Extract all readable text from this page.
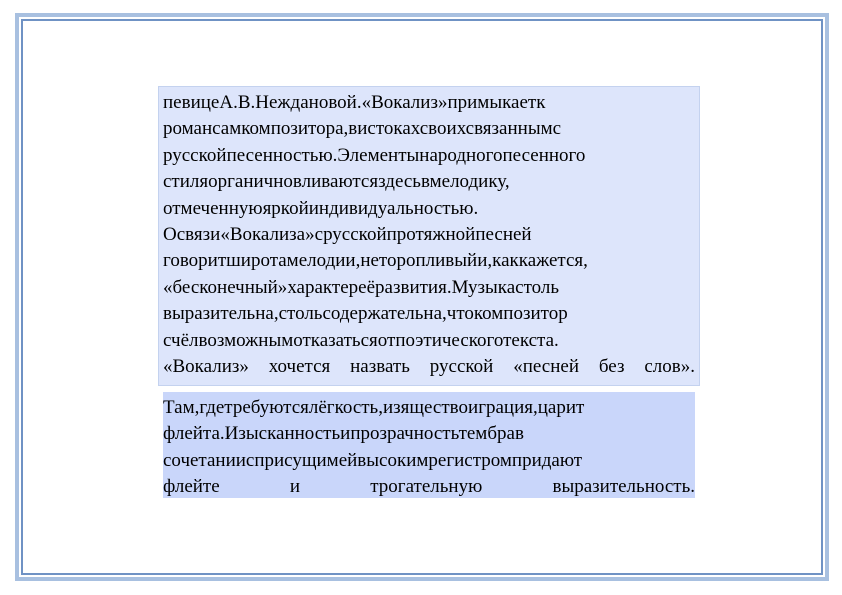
певицеА.В.Неждановой.«Вокализ»примыкаетк
романсамкомпозитора,вистокахсвоихсвязаннымс
русскойпесенностью.Элементынародногопесенного
стиляорганичновливаютсяздесьвмелодику,
отмеченнуюяркойиндивидуальностью.
Освязи«Вокализа»срусскойпротяжнойпесней
говоритширотамелодии,неторопливыйи,каккажется,
«бесконечный»характереёразвития.Музыкастоль
выразительна,стольсодержательна,чтокомпозитор
счёлвозможнымотказатьсяотпоэтическоготекста.
«Вокализ» хочется назвать русской «песней без слов».
Там,гдетребуютсялёгкость,изяществоиграция,царит
флейта.Изысканностьипрозрачностьтембрав
сочетаниисприсущимейвысокимрегистромпридают
флейте и трогательную выразительность.
